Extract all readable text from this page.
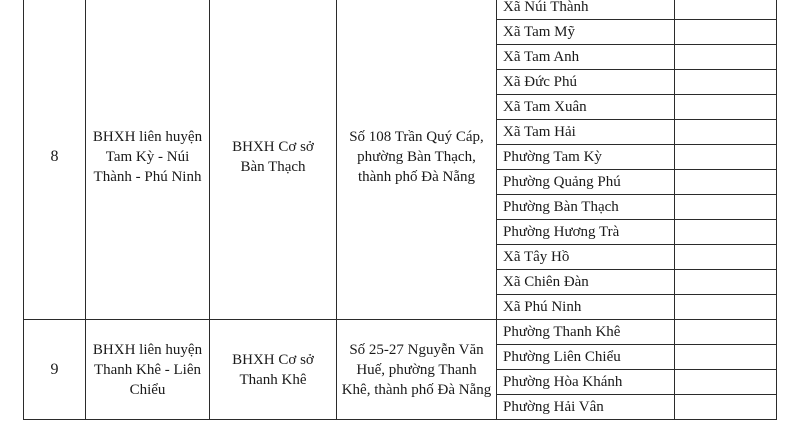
8	BHXH liên huyện
Tam Kỳ - Núi
Thành - Phú Ninh	BHXH Cơ sở
Bàn Thạch	Số 108 Trần Quý Cáp,
phường Bàn Thạch,
thành phố Đà Nẵng	Xã Núi Thành	
				Xã Tam Mỹ	
				Xã Tam Anh	
				Xã Đức Phú	
				Xã Tam Xuân	
				Xã Tam Hải	
				Phường Tam Kỳ	
				Phường Quảng Phú	
				Phường Bàn Thạch	
				Phường Hương Trà	
				Xã Tây Hồ	
				Xã Chiên Đàn	
				Xã Phú Ninh	
9	BHXH liên huyện
Thanh Khê - Liên
Chiểu	BHXH Cơ sở
Thanh Khê	Số 25-27 Nguyễn Văn
Huế, phường Thanh
Khê, thành phố Đà Nẵng	Phường Thanh Khê	
				Phường Liên Chiểu	
				Phường Hòa Khánh	
				Phường Hải Vân	
